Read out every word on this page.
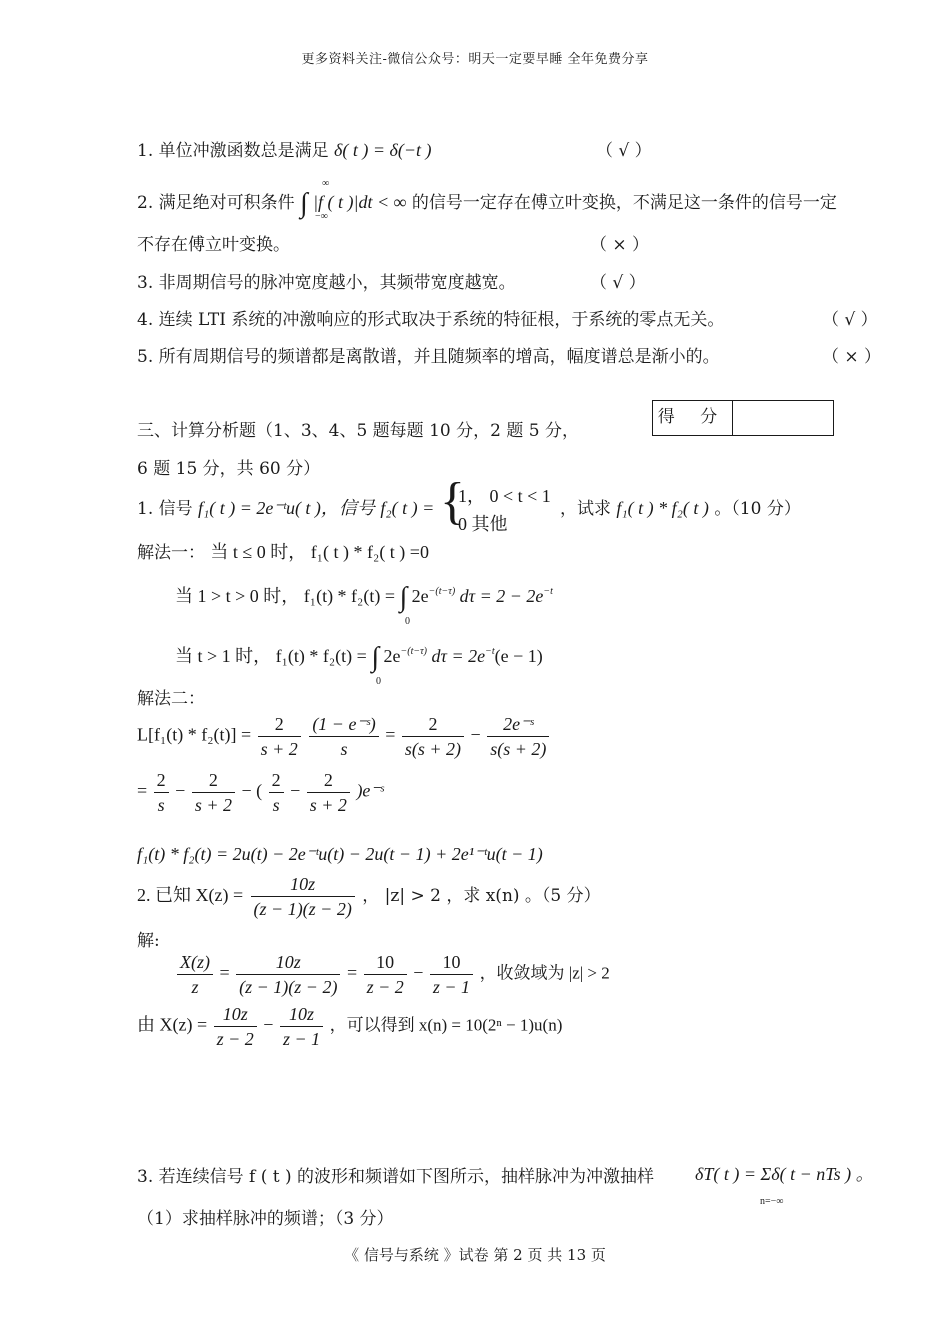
更多资料关注-微信公众号：明天一定要早睡 全年免费分享
1. 单位冲激函数总是满足 δ( t ) = δ(−t )	（ √ ）
2. 满足绝对可积条件 ∫ |f ( t )|dt < ∞ 的信号一定存在傅立叶变换，不满足这一条件的信号一定
∞
−∞
不存在傅立叶变换。	（ × ）
3. 非周期信号的脉冲宽度越小，其频带宽度越宽。	（ √ ）
4. 连续 LTI 系统的冲激响应的形式取决于系统的特征根，于系统的零点无关。	（ √ ）
5. 所有周期信号的频谱都是离散谱，并且随频率的增高，幅度谱总是渐小的。	（ × ）
三、计算分析题（1、3、4、5 题每题 10 分，2 题 5 分，
6 题 15 分，共 60 分）
得 分
1. 信号 f₁( t ) = 2e⁻ᵗu( t )，信号 f₂( t ) = {
1， 0 < t < 1
0 其他
，试求 f₁( t ) * f₂( t ) 。（10 分）
解法一： 当 t ≤ 0 时， f₁( t ) * f₂( t ) =0
当 1 > t > 0 时， f₁(t) * f₂(t) = ∫ $2e^{-(t-\tau)}$ $d\tau = 2 - 2e^{-t}$
0
当 t > 1 时， f₁(t) * f₂(t) = ∫ $2e^{-(t-\tau)}$ $d\tau = 2e^{-t}(e - 1)$
0
解法二：
$L[f_1(t) * f_2(t)] = \frac{2}{s + 2}$
$\frac{\text{(1 − e⁻ˢ)}}{s} = \frac{2}{s(s + 2)} - \frac{\text{2e⁻ˢ}}{s(s + 2)}$
= $\frac{2}{s} - \frac{2}{s + 2}$ − ( $\frac{2}{s} - \frac{2}{s + 2}$ )e⁻ˢ
f₁(t) * f₂(t) = 2u(t) − 2e⁻ᵗu(t) − 2u(t − 1) + 2e¹⁻ᵗu(t − 1)
2. 已知 $X(z) = \frac{10z}{(z - 1)(z - 2)}$ ， |z| > 2 ，求 x(n) 。（5 分）
解:
$\frac{X(z)}{z} = \frac{10z}{(z - 1)(z - 2)} = \frac{10}{z - 2} - \frac{10}{z - 1}$ ，收敛域为 |z| > 2
由 $X(z) = \frac{10z}{z - 2} - \frac{10z}{z - 1}$ ，可以得到 x(n) = 10(2ⁿ − 1)u(n)
3. 若连续信号 f ( t ) 的波形和频谱如下图所示，抽样脉冲为冲激抽样 δT( t ) = Σδ( t − nTs ) 。
n=−∞
（1）求抽样脉冲的频谱；（3 分）
《 信号与系统 》试卷 第 2 页 共 13 页
